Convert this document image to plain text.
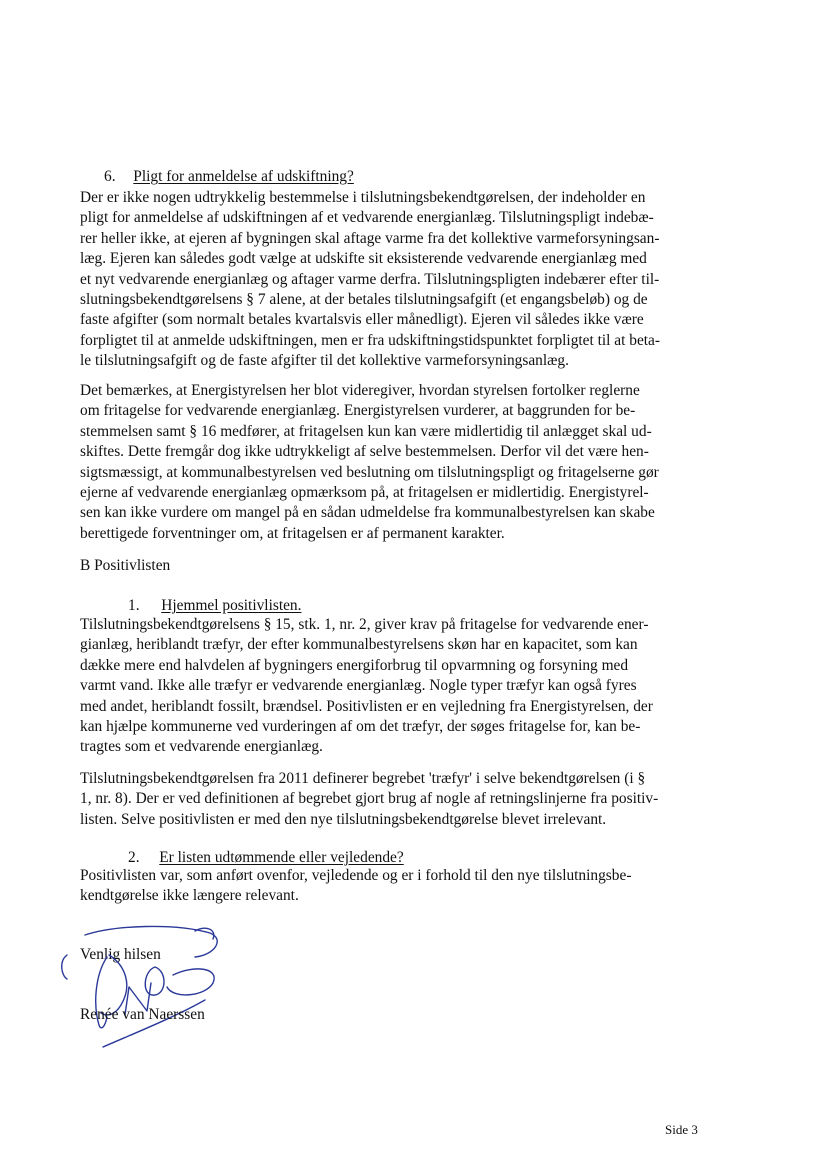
6. Pligt for anmeldelse af udskiftning?
Der er ikke nogen udtrykkelig bestemmelse i tilslutningsbekendtgørelsen, der indeholder en
pligt for anmeldelse af udskiftningen af et vedvarende energianlæg. Tilslutningspligt indebæ-
rer heller ikke, at ejeren af bygningen skal aftage varme fra det kollektive varmeforsyningsan-
læg. Ejeren kan således godt vælge at udskifte sit eksisterende vedvarende energianlæg med
et nyt vedvarende energianlæg og aftager varme derfra. Tilslutningspligten indebærer efter til-
slutningsbekendtgørelsens § 7 alene, at der betales tilslutningsafgift (et engangsbeløb) og de
faste afgifter (som normalt betales kvartalsvis eller månedligt). Ejeren vil således ikke være
forpligtet til at anmelde udskiftningen, men er fra udskiftningstidspunktet forpligtet til at beta-
le tilslutningsafgift og de faste afgifter til det kollektive varmeforsyningsanlæg.
Det bemærkes, at Energistyrelsen her blot videregiver, hvordan styrelsen fortolker reglerne
om fritagelse for vedvarende energianlæg. Energistyrelsen vurderer, at baggrunden for be-
stemmelsen samt § 16 medfører, at fritagelsen kun kan være midlertidig til anlægget skal ud-
skiftes. Dette fremgår dog ikke udtrykkeligt af selve bestemmelsen. Derfor vil det være hen-
sigtsmæssigt, at kommunalbestyrelsen ved beslutning om tilslutningspligt og fritagelserne gør
ejerne af vedvarende energianlæg opmærksom på, at fritagelsen er midlertidig. Energistyrel-
sen kan ikke vurdere om mangel på en sådan udmeldelse fra kommunalbestyrelsen kan skabe
berettigede forventninger om, at fritagelsen er af permanent karakter.
B Positivlisten
1. Hjemmel positivlisten.
Tilslutningsbekendtgørelsens § 15, stk. 1, nr. 2, giver krav på fritagelse for vedvarende ener-
gianlæg, heriblandt træfyr, der efter kommunalbestyrelsens skøn har en kapacitet, som kan
dække mere end halvdelen af bygningers energiforbrug til opvarmning og forsyning med
varmt vand. Ikke alle træfyr er vedvarende energianlæg. Nogle typer træfyr kan også fyres
med andet, heriblandt fossilt, brændsel. Positivlisten er en vejledning fra Energistyrelsen, der
kan hjælpe kommunerne ved vurderingen af om det træfyr, der søges fritagelse for, kan be-
tragtes som et vedvarende energianlæg.
Tilslutningsbekendtgørelsen fra 2011 definerer begrebet 'træfyr' i selve bekendtgørelsen (i §
1, nr. 8). Der er ved definitionen af begrebet gjort brug af nogle af retningslinjerne fra positiv-
listen. Selve positivlisten er med den nye tilslutningsbekendtgørelse blevet irrelevant.
2. Er listen udtømmende eller vejledende?
Positivlisten var, som anført ovenfor, vejledende og er i forhold til den nye tilslutningsbe-
kendtgørelse ikke længere relevant.
Venlig hilsen
Renée van Naerssen
Side 3
